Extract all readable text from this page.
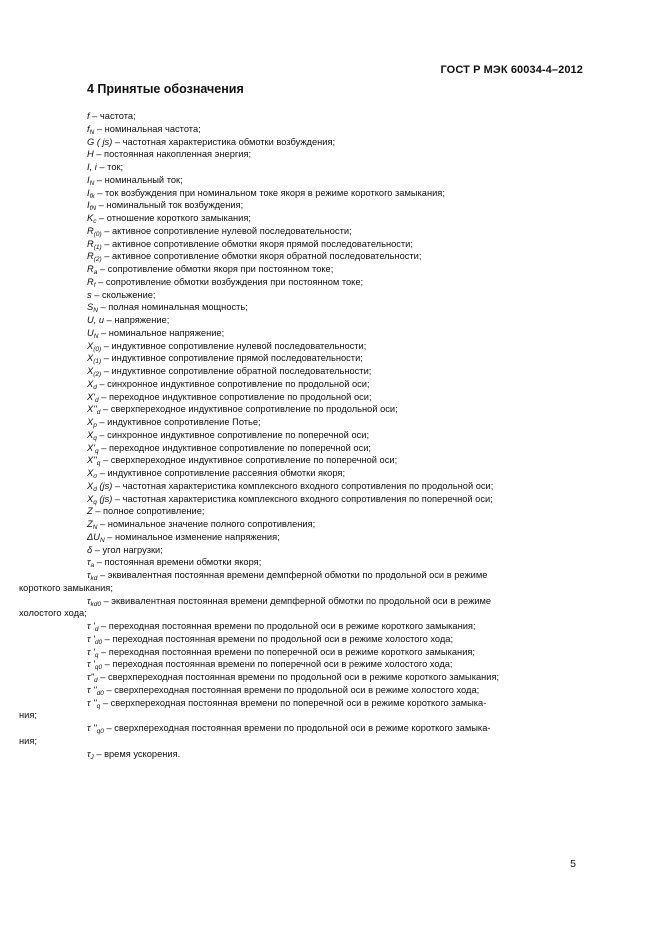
ГОСТ Р МЭК 60034-4–2012
4 Принятые обозначения
f – частота;
$f_N$ – номинальная частота;
G ( js) – частотная характеристика обмотки возбуждения;
H – постоянная накопленная энергия;
I, i – ток;
$I_N$ – номинальный ток;
$I_{fk}$ – ток возбуждения при номинальном токе якоря в режиме короткого замыкания;
$I_{fN}$ – номинальный ток возбуждения;
$K_c$ – отношение короткого замыкания;
$R_{(0)}$ – активное сопротивление нулевой последовательности;
$R_{(1)}$ – активное сопротивление обмотки якоря прямой последовательности;
$R_{(2)}$ – активное сопротивление обмотки якоря обратной последовательности;
$R_a$ – сопротивление обмотки якоря при постоянном токе;
$R_f$ – сопротивление обмотки возбуждения при постоянном токе;
s – скольжение;
$S_N$ – полная номинальная мощность;
U, u – напряжение;
$U_N$ – номинальное напряжение;
$X_{(0)}$ – индуктивное сопротивление нулевой последовательности;
$X_{(1)}$ – индуктивное сопротивление прямой последовательности;
$X_{(2)}$ – индуктивное сопротивление обратной последовательности;
$X_d$ – синхронное индуктивное сопротивление по продольной оси;
$X'_d$ – переходное индуктивное сопротивление по продольной оси;
$X''_d$ – сверхпереходное индуктивное сопротивление по продольной оси;
$X_p$ – индуктивное сопротивление Потье;
$X_q$ – синхронное индуктивное сопротивление по поперечной оси;
$X'_q$ – переходное индуктивное сопротивление по поперечной оси;
$X''_q$ – сверхпереходное индуктивное сопротивление по поперечной оси;
$X_\sigma$ – индуктивное сопротивление рассеяния обмотки якоря;
$X_d$ (js) – частотная характеристика комплексного входного сопротивления по продольной оси;
$X_q$ (js) – частотная характеристика комплексного входного сопротивления по поперечной оси;
Z – полное сопротивление;
$Z_N$ – номинальное значение полного сопротивления;
$\Delta U_N$ – номинальное изменение напряжения;
δ – угол нагрузки;
$\tau_a$ – постоянная времени обмотки якоря;
$\tau_{kd}$ – эквивалентная постоянная времени демпферной обмотки по продольной оси в режиме
короткого замыкания;
$\tau_{kd0}$ – эквивалентная постоянная времени демпферной обмотки по продольной оси в режиме
холостого хода;
τ '$_d$ – переходная постоянная времени по продольной оси в режиме короткого замыкания;
τ '$_{d0}$ – переходная постоянная времени по продольной оси в режиме холостого хода;
τ '$_q$ – переходная постоянная времени по поперечной оси в режиме короткого замыкания;
τ '$_{q0}$ – переходная постоянная времени по поперечной оси в режиме холостого хода;
$\tau''_d$ – сверхпереходная постоянная времени по продольной оси в режиме короткого замыкания;
τ ''$_{d0}$ – сверхпереходная постоянная времени по продольной оси в режиме холостого хода;
τ ''$_q$ – сверхпереходная постоянная времени по поперечной оси в режиме короткого замыка-
ния;
τ ''$_{q0}$ – сверхпереходная постоянная времени по продольной оси в режиме короткого замыка-
ния;
$\tau_J$ – время ускорения.
5
